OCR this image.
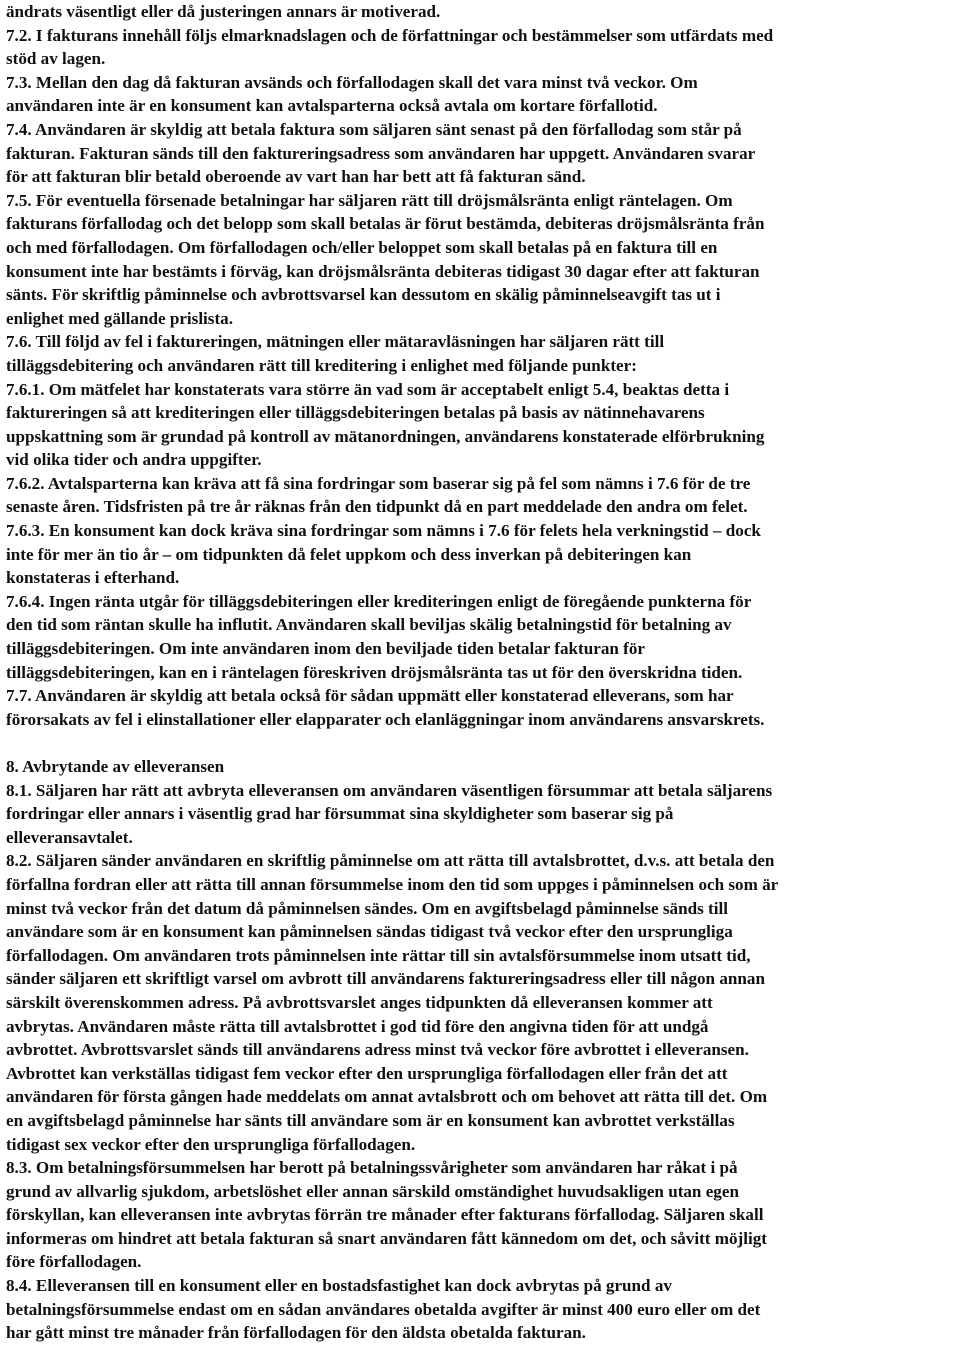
ändrats väsentligt eller då justeringen annars är motiverad.
7.2. I fakturans innehåll följs elmarknadslagen och de författningar och bestämmelser som utfärdats med
stöd av lagen.
7.3. Mellan den dag då fakturan avsänds och förfallodagen skall det vara minst två veckor. Om
användaren inte är en konsument kan avtalsparterna också avtala om kortare förfallotid.
7.4. Användaren är skyldig att betala faktura som säljaren sänt senast på den förfallodag som står på
fakturan. Fakturan sänds till den faktureringsadress som användaren har uppgett. Användaren svarar
för att fakturan blir betald oberoende av vart han har bett att få fakturan sänd.
7.5. För eventuella försenade betalningar har säljaren rätt till dröjsmålsränta enligt räntelagen. Om
fakturans förfallodag och det belopp som skall betalas är förut bestämda, debiteras dröjsmålsränta från
och med förfallodagen. Om förfallodagen och/eller beloppet som skall betalas på en faktura till en
konsument inte har bestämts i förväg, kan dröjsmålsränta debiteras tidigast 30 dagar efter att fakturan
sänts. För skriftlig påminnelse och avbrottsvarsel kan dessutom en skälig påminnelseavgift tas ut i
enlighet med gällande prislista.
7.6. Till följd av fel i faktureringen, mätningen eller mätaravläsningen har säljaren rätt till
tilläggsdebitering och användaren rätt till kreditering i enlighet med följande punkter:
7.6.1. Om mätfelet har konstaterats vara större än vad som är acceptabelt enligt 5.4, beaktas detta i
faktureringen så att krediteringen eller tilläggsdebiteringen betalas på basis av nätinnehavarens
uppskattning som är grundad på kontroll av mätanordningen, användarens konstaterade elförbrukning
vid olika tider och andra uppgifter.
7.6.2. Avtalsparterna kan kräva att få sina fordringar som baserar sig på fel som nämns i 7.6 för de tre
senaste åren. Tidsfristen på tre år räknas från den tidpunkt då en part meddelade den andra om felet.
7.6.3. En konsument kan dock kräva sina fordringar som nämns i 7.6 för felets hela verkningstid – dock
inte för mer än tio år – om tidpunkten då felet uppkom och dess inverkan på debiteringen kan
konstateras i efterhand.
7.6.4. Ingen ränta utgår för tilläggsdebiteringen eller krediteringen enligt de föregående punkterna för
den tid som räntan skulle ha influtit. Användaren skall beviljas skälig betalningstid för betalning av
tilläggsdebiteringen. Om inte användaren inom den beviljade tiden betalar fakturan för
tilläggsdebiteringen, kan en i räntelagen föreskriven dröjsmålsränta tas ut för den överskridna tiden.
7.7. Användaren är skyldig att betala också för sådan uppmätt eller konstaterad elleverans, som har
förorsakats av fel i elinstallationer eller elapparater och elanläggningar inom användarens ansvarskrets.
8. Avbrytande av elleveransen
8.1. Säljaren har rätt att avbryta elleveransen om användaren väsentligen försummar att betala säljarens
fordringar eller annars i väsentlig grad har försummat sina skyldigheter som baserar sig på
elleveransavtalet.
8.2. Säljaren sänder användaren en skriftlig påminnelse om att rätta till avtalsbrottet, d.v.s. att betala den
förfallna fordran eller att rätta till annan försummelse inom den tid som uppges i påminnelsen och som är
minst två veckor från det datum då påminnelsen sändes. Om en avgiftsbelagd påminnelse sänds till
användare som är en konsument kan påminnelsen sändas tidigast två veckor efter den ursprungliga
förfallodagen. Om användaren trots påminnelsen inte rättar till sin avtalsförsummelse inom utsatt tid,
sänder säljaren ett skriftligt varsel om avbrott till användarens faktureringsadress eller till någon annan
särskilt överenskommen adress. På avbrottsvarslet anges tidpunkten då elleveransen kommer att
avbrytas. Användaren måste rätta till avtalsbrottet i god tid före den angivna tiden för att undgå
avbrottet. Avbrottsvarslet sänds till användarens adress minst två veckor före avbrottet i elleveransen.
Avbrottet kan verkställas tidigast fem veckor efter den ursprungliga förfallodagen eller från det att
användaren för första gången hade meddelats om annat avtalsbrott och om behovet att rätta till det. Om
en avgiftsbelagd påminnelse har sänts till användare som är en konsument kan avbrottet verkställas
tidigast sex veckor efter den ursprungliga förfallodagen.
8.3. Om betalningsförsummelsen har berott på betalningssvårigheter som användaren har råkat i på
grund av allvarlig sjukdom, arbetslöshet eller annan särskild omständighet huvudsakligen utan egen
förskyllan, kan elleveransen inte avbrytas förrän tre månader efter fakturans förfallodag. Säljaren skall
informeras om hindret att betala fakturan så snart användaren fått kännedom om det, och såvitt möjligt
före förfallodagen.
8.4. Elleveransen till en konsument eller en bostadsfastighet kan dock avbrytas på grund av
betalningsförsummelse endast om en sådan användares obetalda avgifter är minst 400 euro eller om det
har gått minst tre månader från förfallodagen för den äldsta obetalda fakturan.
